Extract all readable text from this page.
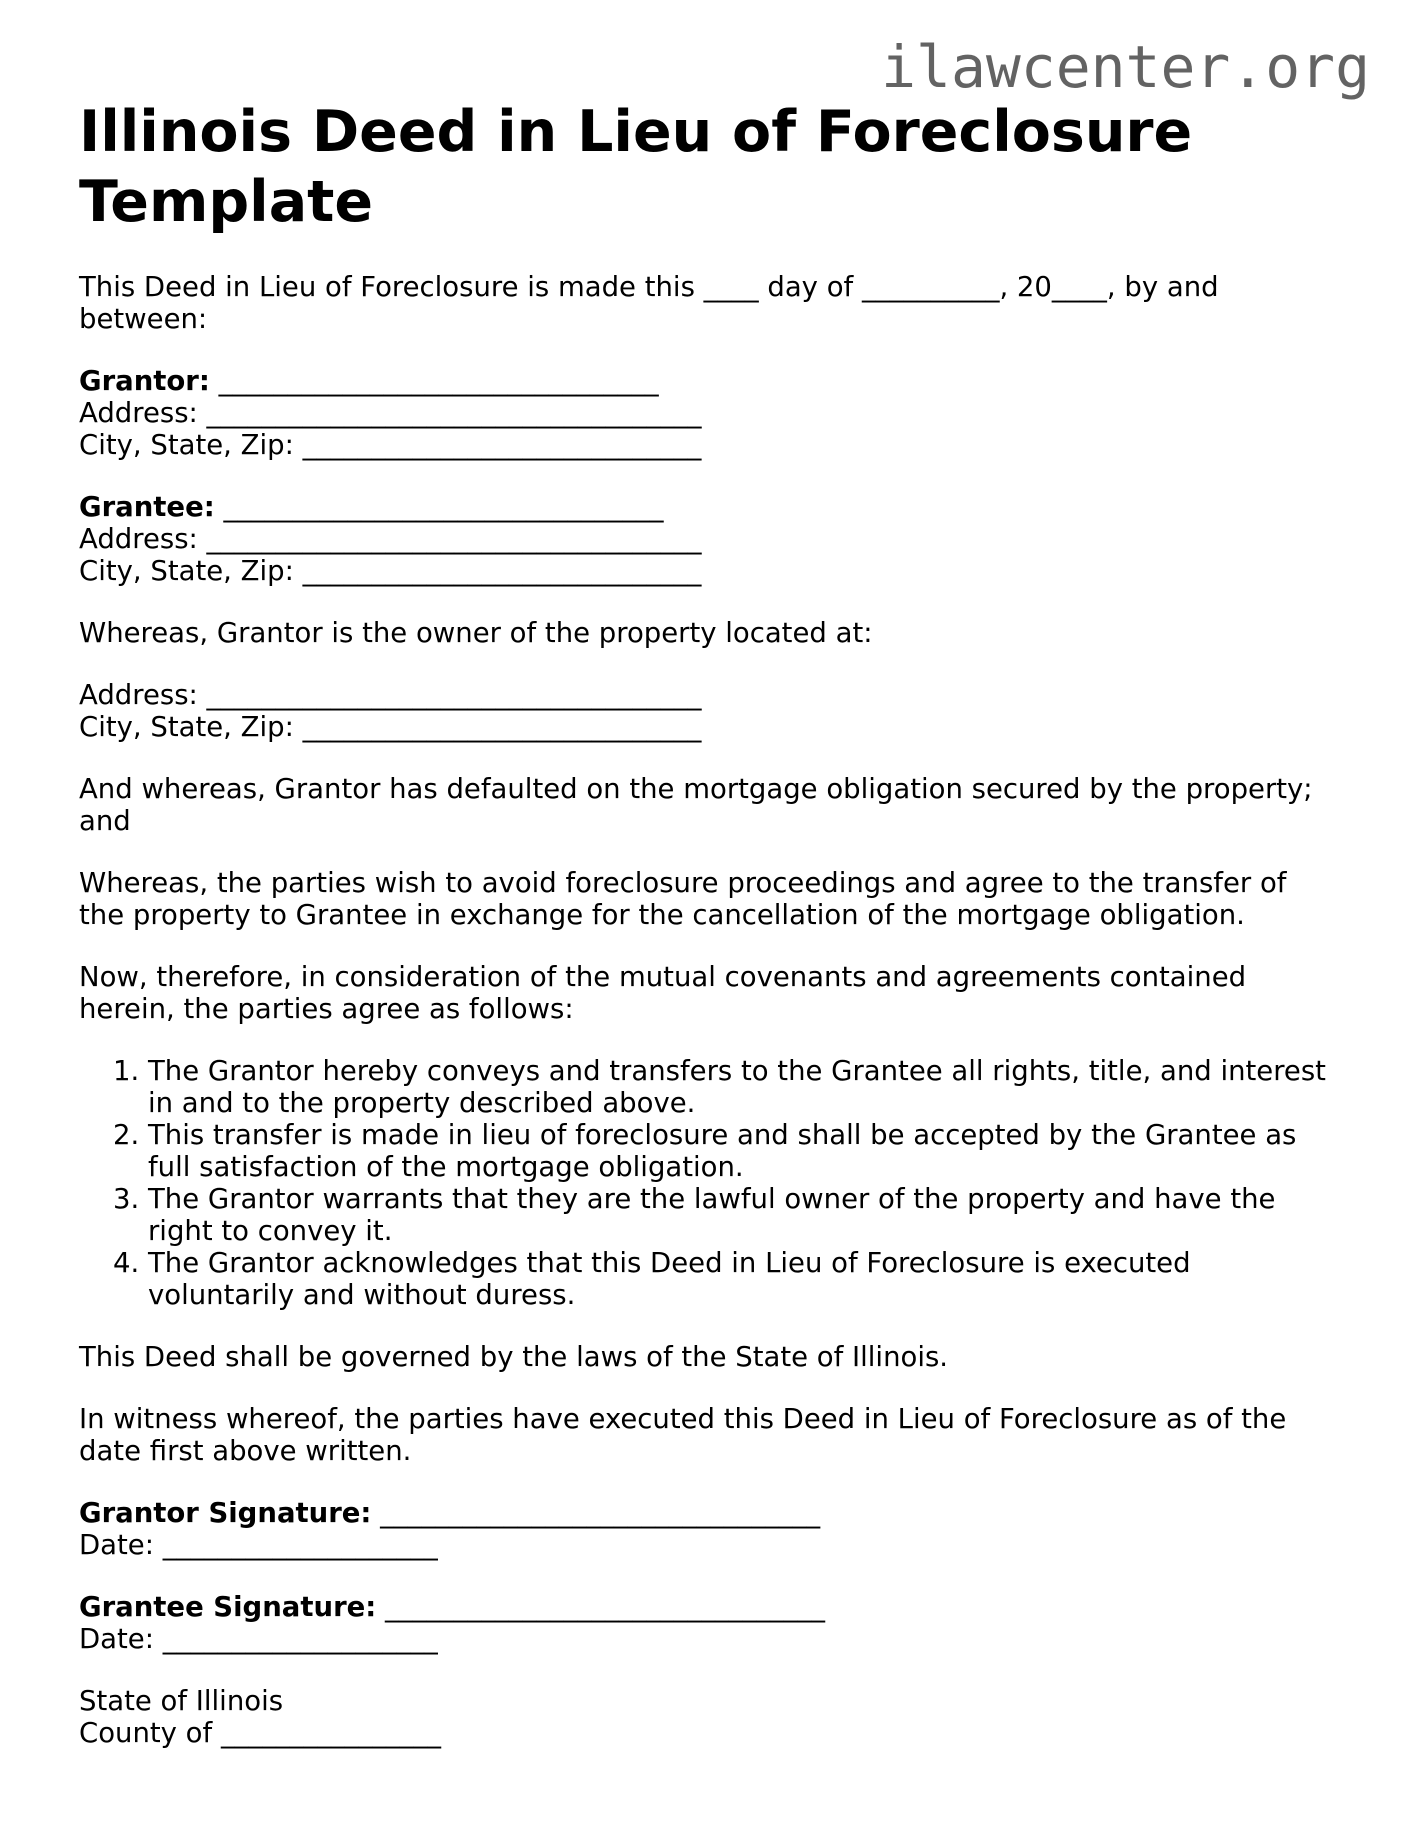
ilawcenter.org
Illinois Deed in Lieu of Foreclosure Template

This Deed in Lieu of Foreclosure is made this ____ day of __________, 20____, by and between:

Grantor: ________________________________
Address: ____________________________________
City, State, Zip: _____________________________

Grantee: ________________________________
Address: ____________________________________
City, State, Zip: _____________________________

Whereas, Grantor is the owner of the property located at:

Address: ____________________________________
City, State, Zip: _____________________________

And whereas, Grantor has defaulted on the mortgage obligation secured by the property; and

Whereas, the parties wish to avoid foreclosure proceedings and agree to the transfer of the property to Grantee in exchange for the cancellation of the mortgage obligation.

Now, therefore, in consideration of the mutual covenants and agreements contained herein, the parties agree as follows:

1. The Grantor hereby conveys and transfers to the Grantee all rights, title, and interest in and to the property described above.
2. This transfer is made in lieu of foreclosure and shall be accepted by the Grantee as full satisfaction of the mortgage obligation.
3. The Grantor warrants that they are the lawful owner of the property and have the right to convey it.
4. The Grantor acknowledges that this Deed in Lieu of Foreclosure is executed voluntarily and without duress.

This Deed shall be governed by the laws of the State of Illinois.

In witness whereof, the parties have executed this Deed in Lieu of Foreclosure as of the date first above written.

Grantor Signature: ________________________________
Date: ____________________

Grantee Signature: ________________________________
Date: ____________________

State of Illinois
County of ________________
